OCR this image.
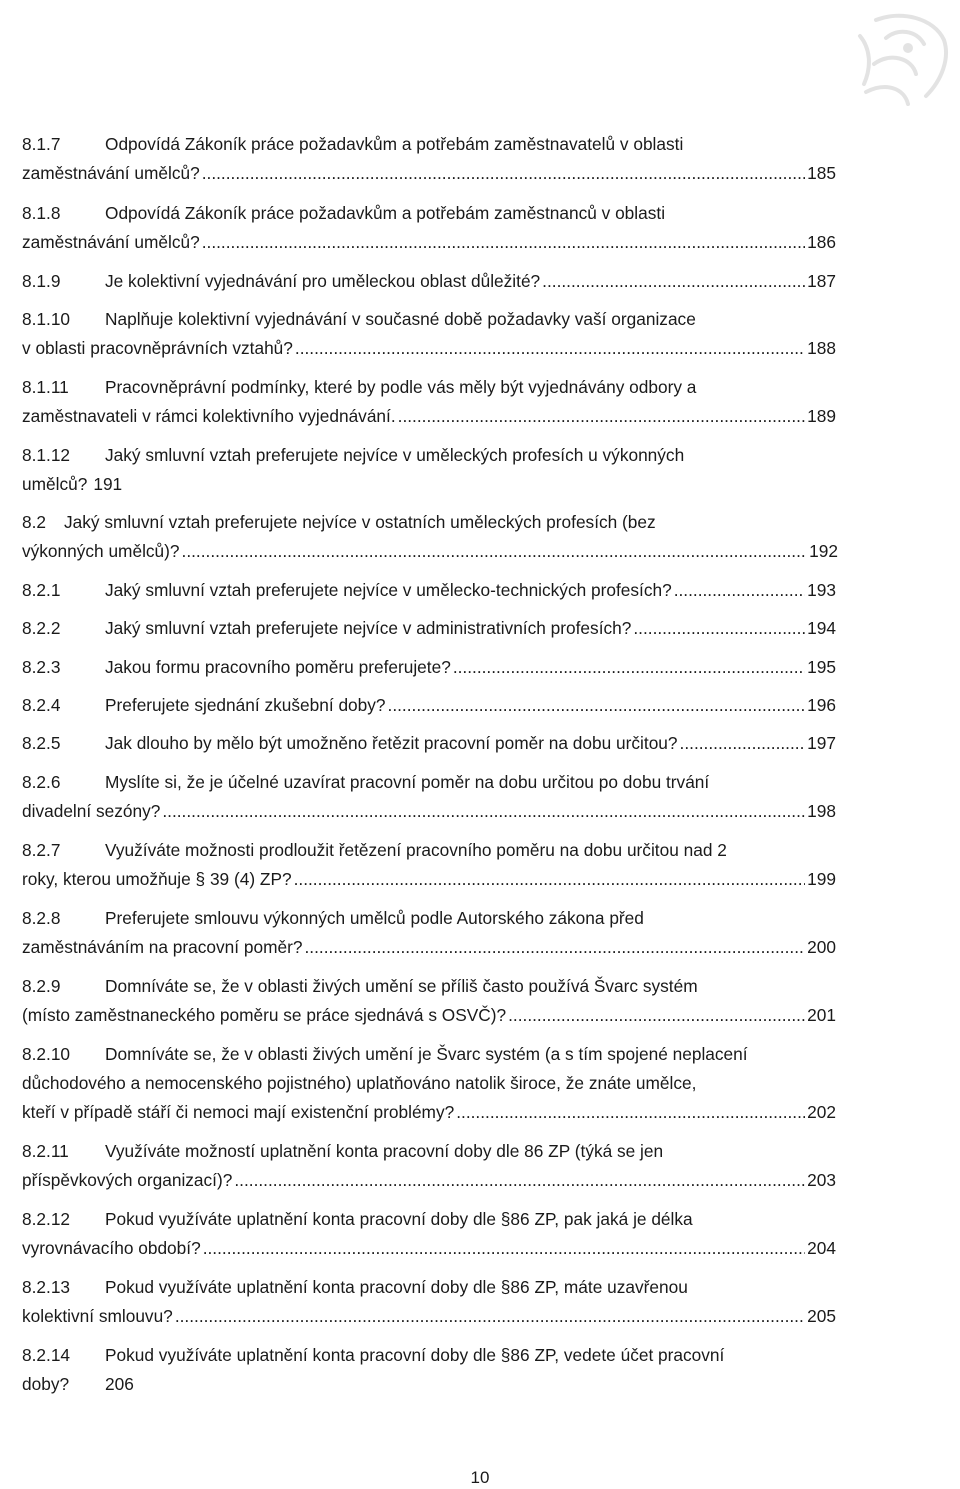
8.1.7	Odpovídá Zákoník práce požadavkům a potřebám zaměstnavatelů v oblasti
zaměstnávání umělců? .....	185
8.1.8	Odpovídá Zákoník práce požadavkům a potřebám zaměstnanců v oblasti
zaměstnávání umělců? .....	186
8.1.9	Je kolektivní vyjednávání pro uměleckou oblast důležité? .....	187
8.1.10	Naplňuje kolektivní vyjednávání v současné době požadavky vaší organizace
v oblasti pracovněprávních vztahů? .....	188
8.1.11	Pracovněprávní podmínky, které by podle vás měly být vyjednávány odbory a
zaměstnavateli v rámci kolektivního vyjednávání. .....	189
8.1.12	Jaký smluvní vztah preferujete nejvíce v uměleckých profesích u výkonných
umělců? 191
8.2	Jaký smluvní vztah preferujete nejvíce v ostatních uměleckých profesích (bez
výkonných umělců)? .....	192
8.2.1	Jaký smluvní vztah preferujete nejvíce v umělecko-technických profesích? .....	193
8.2.2	Jaký smluvní vztah preferujete nejvíce v administrativních profesích? .....	194
8.2.3	Jakou formu pracovního poměru preferujete? .....	195
8.2.4	Preferujete sjednání zkušební doby? .....	196
8.2.5	Jak dlouho by mělo být umožněno řetězit pracovní poměr na dobu určitou? .....	197
8.2.6	Myslíte si, že je účelné uzavírat pracovní poměr na dobu určitou po dobu trvání
divadelní sezóny? .....	198
8.2.7	Využíváte možnosti prodloužit řetězení pracovního poměru na dobu určitou nad 2
roky, kterou umožňuje § 39 (4) ZP? .....	199
8.2.8	Preferujete smlouvu výkonných umělců podle Autorského zákona před
zaměstnáváním na pracovní poměr? .....	200
8.2.9	Domníváte se, že v oblasti živých umění se příliš často používá Švarc systém
(místo zaměstnaneckého poměru se práce sjednává s OSVČ)? .....	201
8.2.10	Domníváte se, že v oblasti živých umění je Švarc systém (a s tím spojené neplacení
důchodového a nemocenského pojistného) uplatňováno natolik široce, že znáte umělce,
kteří v případě stáří či nemoci mají existenční problémy? .....	202
8.2.11	Využíváte možností uplatnění konta pracovní doby dle 86 ZP (týká se jen
příspěvkových organizací)? .....	203
8.2.12	Pokud využíváte uplatnění konta pracovní doby dle §86 ZP, pak jaká je délka
vyrovnávacího období? .....	204
8.2.13	Pokud využíváte uplatnění konta pracovní doby dle §86 ZP, máte uzavřenou
kolektivní smlouvu? .....	205
8.2.14	Pokud využíváte uplatnění konta pracovní doby dle §86 ZP, vedete účet pracovní
doby?	206
10
